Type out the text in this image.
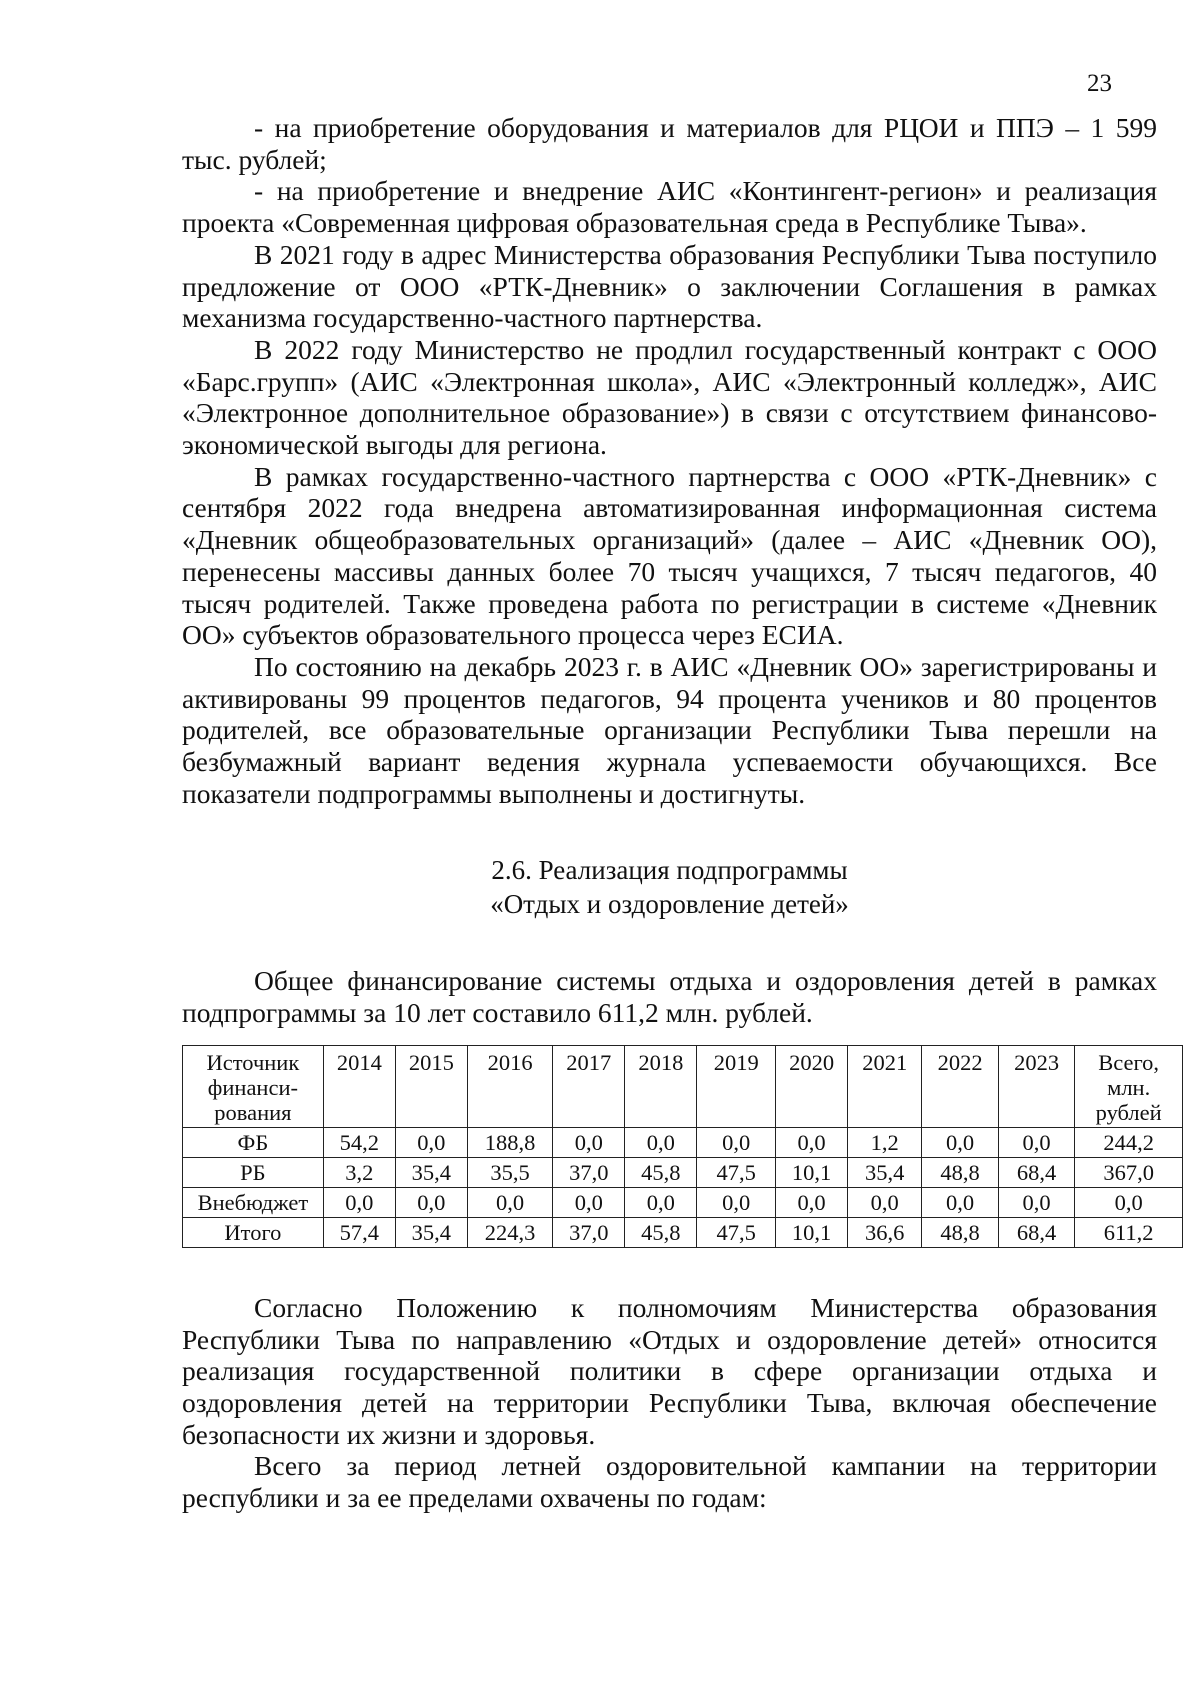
23

- на приобретение оборудования и материалов для РЦОИ и ППЭ – 1 599 тыс. рублей;

- на приобретение и внедрение АИС «Контингент-регион» и реализация проекта «Современная цифровая образовательная среда в Республике Тыва».

В 2021 году в адрес Министерства образования Республики Тыва поступило предложение от ООО «РТК-Дневник» о заключении Соглашения в рамках механизма государственно-частного партнерства.

В 2022 году Министерство не продлил государственный контракт с ООО «Барс.групп» (АИС «Электронная школа», АИС «Электронный колледж», АИС «Электронное дополнительное образование») в связи с отсутствием финансово-экономической выгоды для региона.

В рамках государственно-частного партнерства с ООО «РТК-Дневник» с сентября 2022 года внедрена автоматизированная информационная система «Дневник общеобразовательных организаций» (далее – АИС «Дневник ОО), перенесены массивы данных более 70 тысяч учащихся, 7 тысяч педагогов, 40 тысяч родителей. Также проведена работа по регистрации в системе «Дневник ОО» субъектов образовательного процесса через ЕСИА.

По состоянию на декабрь 2023 г. в АИС «Дневник ОО» зарегистрированы и активированы 99 процентов педагогов, 94 процента учеников и 80 процентов родителей, все образовательные организации Республики Тыва перешли на безбумажный вариант ведения журнала успеваемости обучающихся. Все показатели подпрограммы выполнены и достигнуты.

2.6. Реализация подпрограммы
«Отдых и оздоровление детей»

Общее финансирование системы отдыха и оздоровления детей в рамках подпрограммы за 10 лет составило 611,2 млн. рублей.

Источник финанси-рования	2014	2015	2016	2017	2018	2019	2020	2021	2022	2023	Всего, млн. рублей
ФБ	54,2	0,0	188,8	0,0	0,0	0,0	0,0	1,2	0,0	0,0	244,2
РБ	3,2	35,4	35,5	37,0	45,8	47,5	10,1	35,4	48,8	68,4	367,0
Внебюджет	0,0	0,0	0,0	0,0	0,0	0,0	0,0	0,0	0,0	0,0	0,0
Итого	57,4	35,4	224,3	37,0	45,8	47,5	10,1	36,6	48,8	68,4	611,2

Согласно Положению к полномочиям Министерства образования Республики Тыва по направлению «Отдых и оздоровление детей» относится реализация государственной политики в сфере организации отдыха и оздоровления детей на территории Республики Тыва, включая обеспечение безопасности их жизни и здоровья.

Всего за период летней оздоровительной кампании на территории республики и за ее пределами охвачены по годам:
